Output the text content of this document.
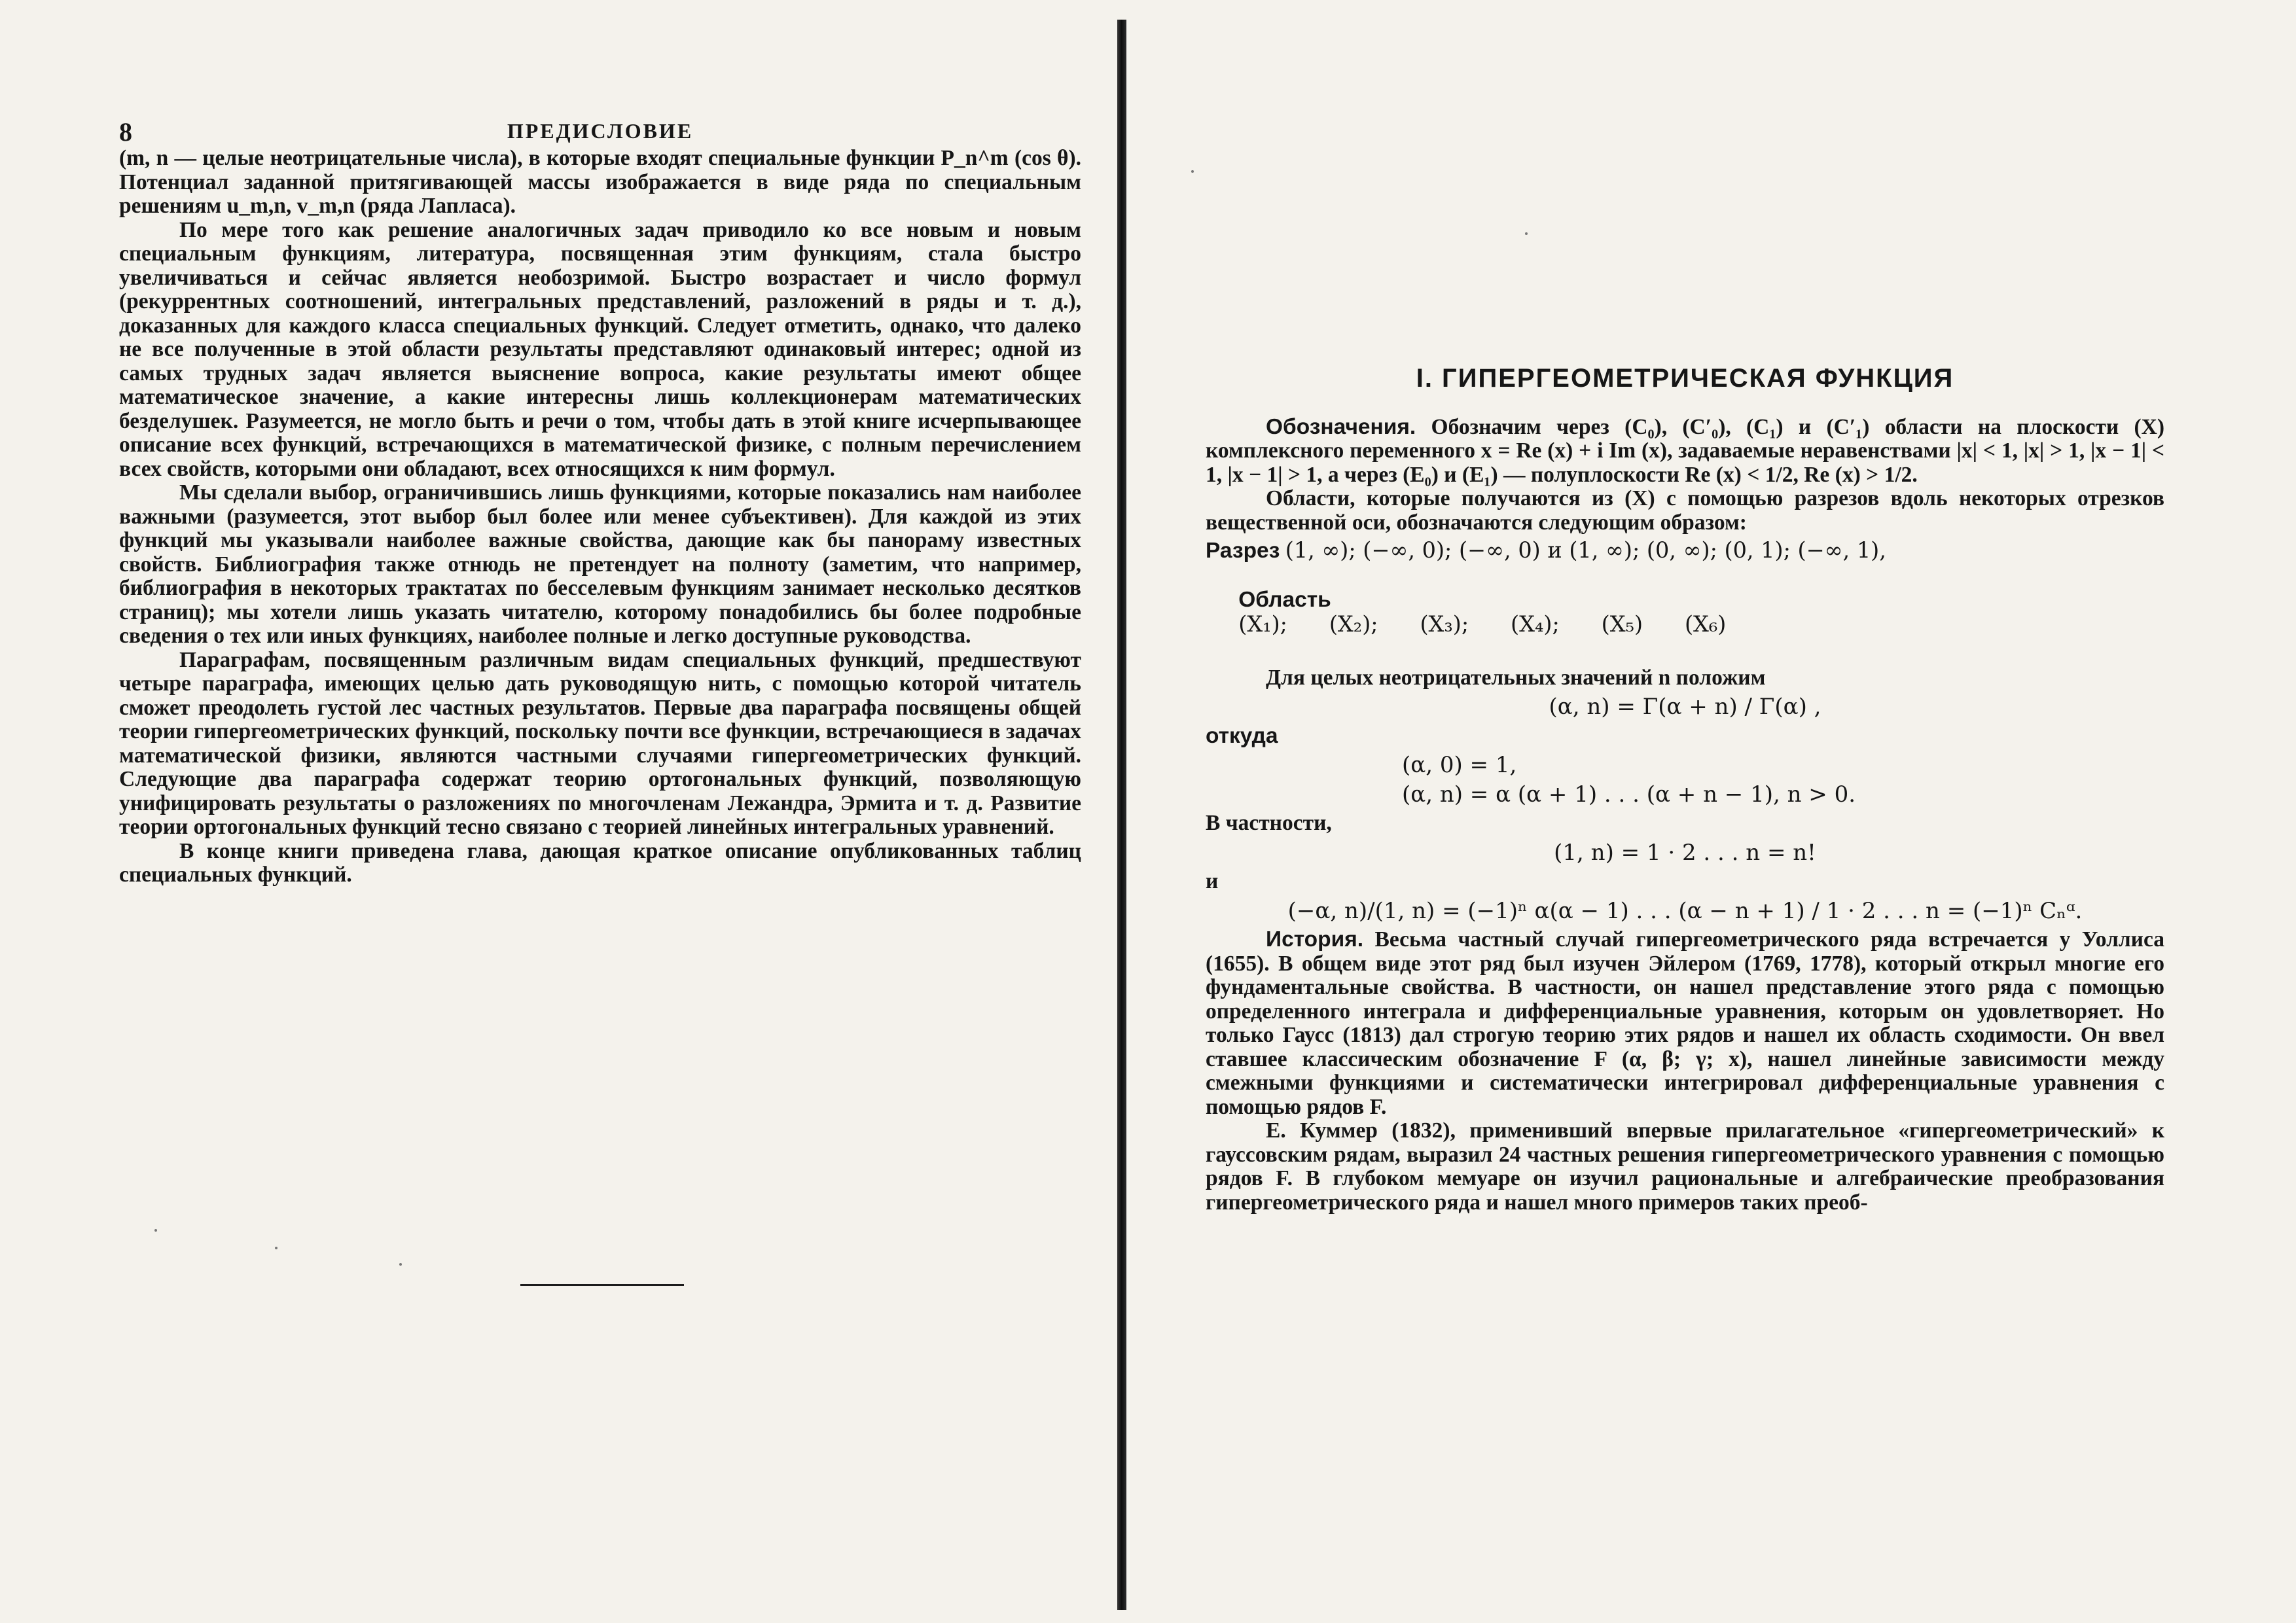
8	ПРЕДИСЛОВИЕ

(m, n — целые неотрицательные числа), в которые входят специальные функции P_n^m (cos θ). Потенциал заданной притягивающей массы изображается в виде ряда по специальным решениям u_m,n, v_m,n (ряда Лапласа).

По мере того как решение аналогичных задач приводило ко все новым и новым специальным функциям, литература, посвященная этим функциям, стала быстро увеличиваться и сейчас является необозримой. Быстро возрастает и число формул (рекуррентных соотношений, интегральных представлений, разложений в ряды и т. д.), доказанных для каждого класса специальных функций. Следует отметить, однако, что далеко не все полученные в этой области результаты представляют одинаковый интерес; одной из самых трудных задач является выяснение вопроса, какие результаты имеют общее математическое значение, а какие интересны лишь коллекционерам математических безделушек. Разумеется, не могло быть и речи о том, чтобы дать в этой книге исчерпывающее описание всех функций, встречающихся в математической физике, с полным перечислением всех свойств, которыми они обладают, всех относящихся к ним формул.

Мы сделали выбор, ограничившись лишь функциями, которые показались нам наиболее важными (разумеется, этот выбор был более или менее субъективен). Для каждой из этих функций мы указывали наиболее важные свойства, дающие как бы панораму известных свойств. Библиография также отнюдь не претендует на полноту (заметим, что например, библиография в некоторых трактатах по бесселевым функциям занимает несколько десятков страниц); мы хотели лишь указать читателю, которому понадобились бы более подробные сведения о тех или иных функциях, наиболее полные и легко доступные руководства.

Параграфам, посвященным различным видам специальных функций, предшествуют четыре параграфа, имеющих целью дать руководящую нить, с помощью которой читатель сможет преодолеть густой лес частных результатов. Первые два параграфа посвящены общей теории гипергеометрических функций, поскольку почти все функции, встречающиеся в задачах математической физики, являются частными случаями гипергеометрических функций. Следующие два параграфа содержат теорию ортогональных функций, позволяющую унифицировать результаты о разложениях по многочленам Лежандра, Эрмита и т. д. Развитие теории ортогональных функций тесно связано с теорией линейных интегральных уравнений.

В конце книги приведена глава, дающая краткое описание опубликованных таблиц специальных функций.

I. ГИПЕРГЕОМЕТРИЧЕСКАЯ ФУНКЦИЯ

Обозначения. Обозначим через (C₀), (C′₀), (C₁) и (C′₁) области на плоскости (X) комплексного переменного x = Re (x) + i Im (x), задаваемые неравенствами |x| < 1, |x| > 1, |x − 1| < 1, |x − 1| > 1, а через (E₀) и (E₁) — полуплоскости Re (x) < 1/2, Re (x) > 1/2.

Области, которые получаются из (X) с помощью разрезов вдоль некоторых отрезков вещественной оси, обозначаются следующим образом:

Разрез (1, ∞); (−∞, 0); (−∞, 0) и (1, ∞); (0, ∞); (0, 1); (−∞, 1),

Область
(X₁);      (X₂);      (X₃);      (X₄);      (X₅)      (X₆)

Для целых неотрицательных значений n положим

(α, n) = Γ(α + n) / Γ(α) ,
откуда
(α, 0) = 1,
(α, n) = α (α + 1) . . . (α + n − 1), n > 0.
В частности,
(1, n) = 1 · 2 . . . n = n!
и
(−α, n)/(1, n) = (−1)ⁿ α(α − 1) . . . (α − n + 1) / 1 · 2 . . . n = (−1)ⁿ Cₙᵅ.

История. Весьма частный случай гипергеометрического ряда встречается у Уоллиса (1655). В общем виде этот ряд был изучен Эйлером (1769, 1778), который открыл многие его фундаментальные свойства. В частности, он нашел представление этого ряда с помощью определенного интеграла и дифференциальные уравнения, которым он удовлетворяет. Но только Гаусс (1813) дал строгую теорию этих рядов и нашел их область сходимости. Он ввел ставшее классическим обозначение F (α, β; γ; x), нашел линейные зависимости между смежными функциями и систематически интегрировал дифференциальные уравнения с помощью рядов F.

Е. Куммер (1832), применивший впервые прилагательное «гипергеометрический» к гауссовским рядам, выразил 24 частных решения гипергеометрического уравнения с помощью рядов F. В глубоком мемуаре он изучил рациональные и алгебраические преобразования гипергеометрического ряда и нашел много примеров таких преоб-
